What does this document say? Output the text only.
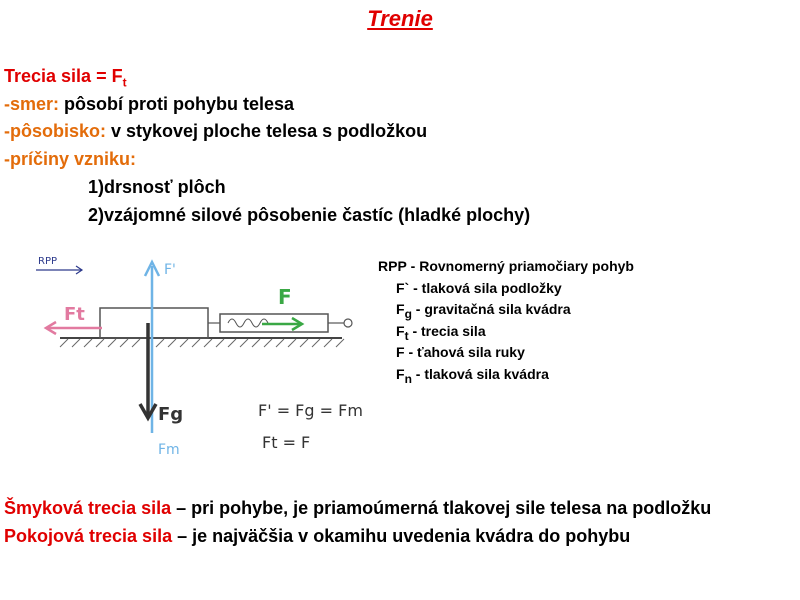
Trenie
Trecia sila = $F_t$
-smer: pôsobí proti pohybu telesa
-pôsobisko: v stykovej ploche telesa s podložkou
-príčiny vzniku:
1)drsnosť plôch
2)vzájomné silové pôsobenie častíc (hladké plochy)
RPP
F
F'
Fg
Fm
Ft
F' = Fg = Fm
Ft = F
RPP - Rovnomerný priamočiary pohyb
F` - tlaková sila podložky
$F_g$ - gravitačná sila kvádra
$F_t$ - trecia sila
F - ťahová sila ruky
$F_n$ - tlaková sila kvádra
Šmyková trecia sila – pri pohybe, je priamoúmerná tlakovej sile telesa na podložku
Pokojová trecia sila – je najväčšia v okamihu uvedenia kvádra do pohybu
